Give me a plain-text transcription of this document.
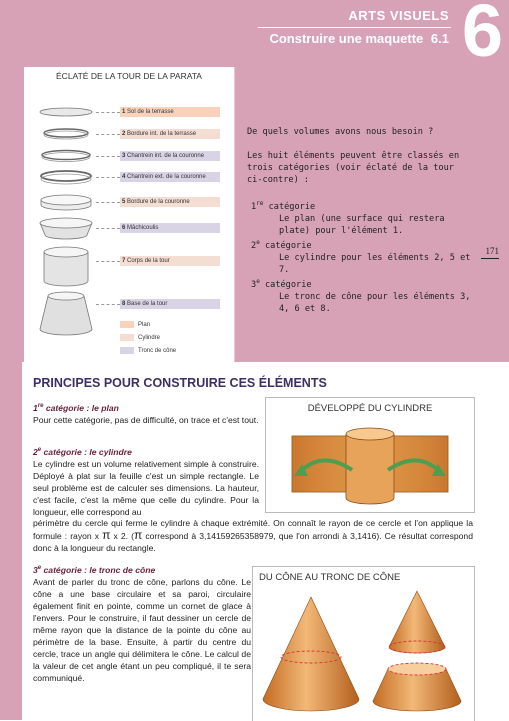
ARTS VISUELS
Construire une maquette 6.1 6
ÉCLATÉ DE LA TOUR DE LA PARATA
1 Sol de la terrasse
2 Bordure int. de la terrasse
3 Chantrein int. de la couronne
4 Chantrein ext. de la couronne
5 Bordure de la couronne
6 Mâchicoulis
7 Corps de la tour
8 Base de la tour
Plan
Cylindre
Tronc de cône

De quels volumes avons nous besoin ?

Les huit éléments peuvent être classés en trois catégories (voir éclaté de la tour ci-contre) :

1re catégorie

Le plan (une surface qui restera plate) pour l'élément 1.

2e catégorie

Le cylindre pour les éléments 2, 5 et 7.

3e catégorie

Le tronc de cône pour les éléments 3, 4, 6 et 8.

171
PRINCIPES POUR CONSTRUIRE CES ÉLÉMENTS
1re catégorie : le plan
Pour cette catégorie, pas de difficulté, on trace et c'est tout.
2e catégorie : le cylindre
Le cylindre est un volume relativement simple à construire. Déployé à plat sur la feuille c'est un simple rectangle. Le seul problème est de calculer ses dimensions. La hauteur, c'est facile, c'est la même que celle du cylindre. Pour la longueur, elle correspond au
périmètre du cercle qui ferme le cylindre à chaque extrémité. On connaît le rayon de ce cercle et l'on applique la formule : rayon x π x 2. (π correspond à 3,14159265358979, que l'on arrondi à 3,1416). Ce résultat correspond donc à la longueur du rectangle.
3e catégorie : le tronc de cône
Avant de parler du tronc de cône, parlons du cône. Le cône a une base circulaire et sa paroi, circulaire également finit en pointe, comme un cornet de glace à l'envers. Pour le construire, il faut dessiner un cercle de même rayon que la distance de la pointe du cône au périmètre de la base. Ensuite, à partir du centre du cercle, trace un angle qui délimitera le cône. Le calcul de la valeur de cet angle étant un peu compliqué, il te sera communiqué.
DÉVELOPPÉ DU CYLINDRE
DU CÔNE AU TRONC DE CÔNE
